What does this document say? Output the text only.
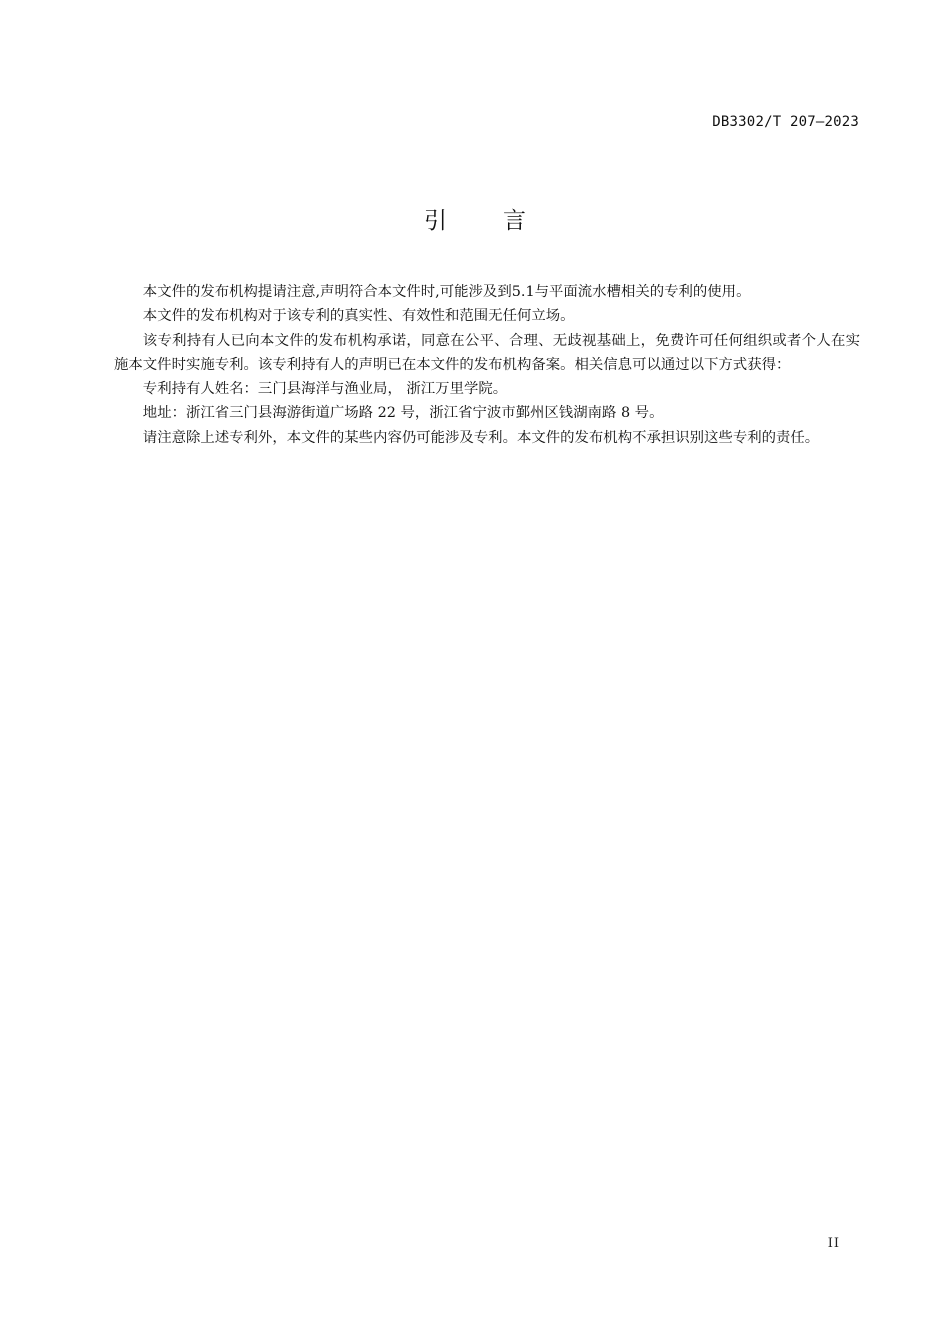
DB3302/T 207—2023
引 言

本文件的发布机构提请注意,声明符合本文件时,可能涉及到5.1与平面流水槽相关的专利的使用。

本文件的发布机构对于该专利的真实性、有效性和范围无任何立场。

该专利持有人已向本文件的发布机构承诺，同意在公平、合理、无歧视基础上，免费许可任何组织或者个人在实施本文件时实施专利。该专利持有人的声明已在本文件的发布机构备案。相关信息可以通过以下方式获得：

专利持有人姓名：三门县海洋与渔业局， 浙江万里学院。

地址：浙江省三门县海游街道广场路 22 号，浙江省宁波市鄞州区钱湖南路 8 号。

请注意除上述专利外，本文件的某些内容仍可能涉及专利。本文件的发布机构不承担识别这些专利的责任。

II
